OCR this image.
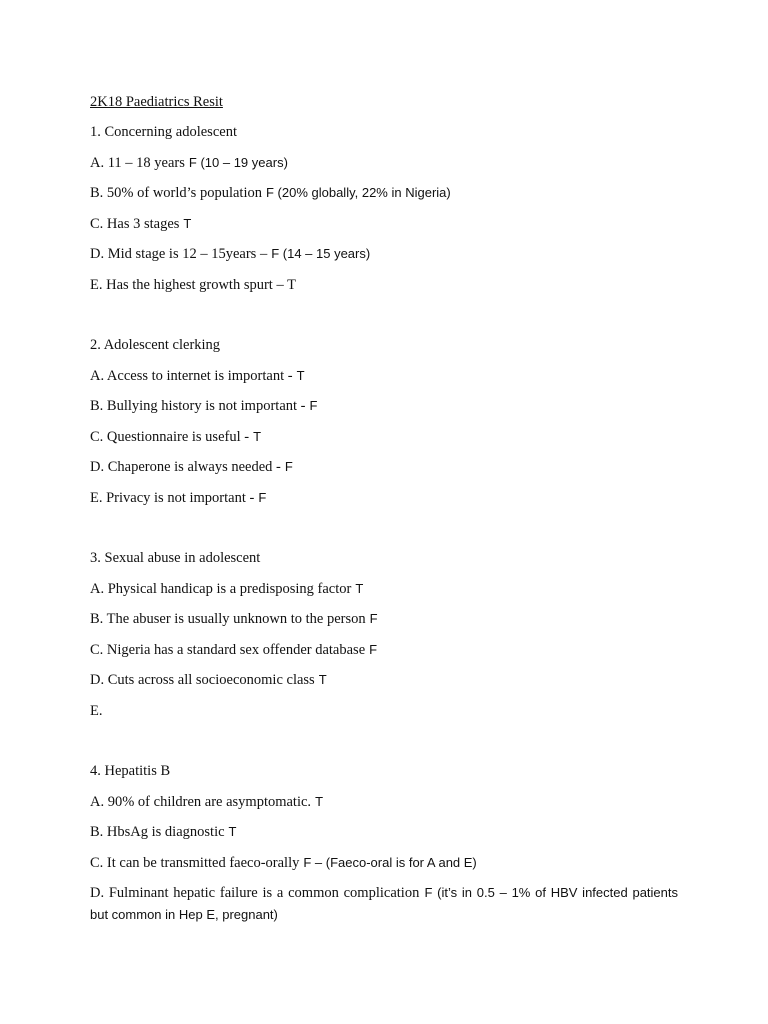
2K18 Paediatrics Resit
1. Concerning adolescent
A. 11 – 18 years F (10 – 19 years)
B. 50% of world’s population F (20% globally, 22% in Nigeria)
C. Has 3 stages T
D. Mid stage is 12 – 15years – F (14 – 15 years)
E. Has the highest growth spurt – T
2. Adolescent clerking
A. Access to internet is important - T
B. Bullying history is not important - F
C. Questionnaire is useful - T
D. Chaperone is always needed - F
E. Privacy is not important - F
3. Sexual abuse in adolescent
A. Physical handicap is a predisposing factor T
B. The abuser is usually unknown to the person F
C. Nigeria has a standard sex offender database F
D. Cuts across all socioeconomic class T
E.
4. Hepatitis B
A. 90% of children are asymptomatic. T
B. HbsAg is diagnostic T
C. It can be transmitted faeco-orally F – (Faeco-oral is for A and E)
D. Fulminant hepatic failure is a common complication F (it’s in 0.5 – 1% of HBV infected patients but common in Hep E, pregnant)
